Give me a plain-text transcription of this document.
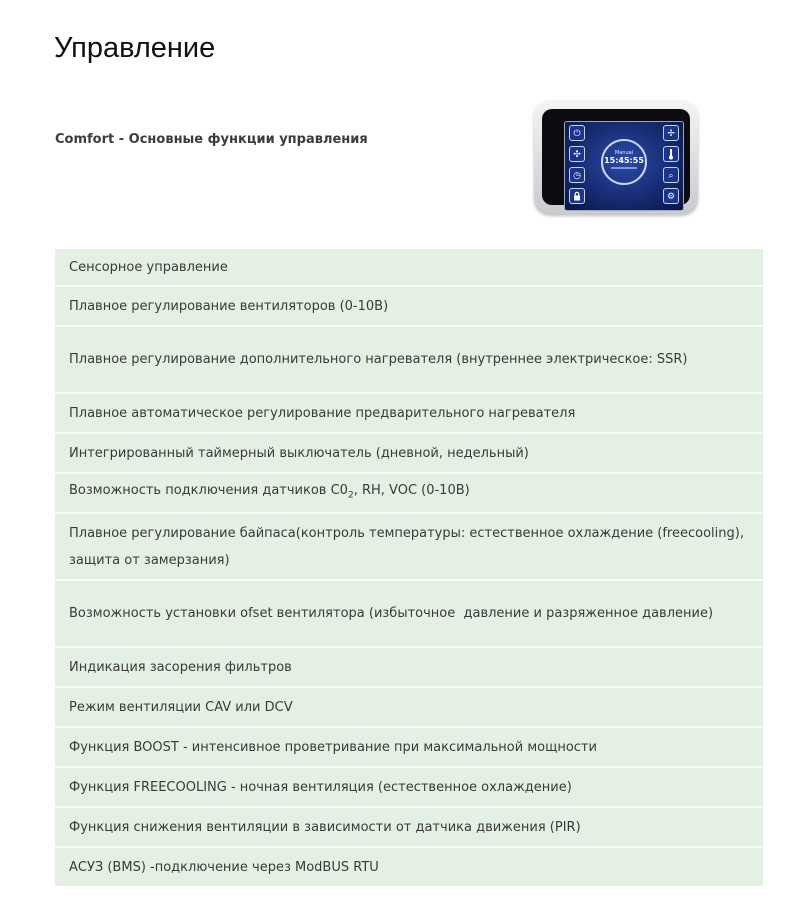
Управление
Comfort - Основные функции управления	⏻
✣
◷
Manual
15:45:55
✢
⌕
⚙
Сенсорное управление
Плавное регулирование вентиляторов (0-10В)
Плавное регулирование дополнительного нагревателя (внутреннее электрическое: SSR)
Плавное автоматическое регулирование предварительного нагревателя
Интегрированный таймерный выключатель (дневной, недельный)
Возможность подключения датчиков $С0_2$, RH, VOC (0-10В)
Плавное регулирование байпаса(контроль температуры: естественное охлаждение (freecooling), защита от замерзания)
Возможность установки ofset вентилятора (избыточное  давление и разряженное давление)
Индикация засорения фильтров
Режим вентиляции CAV или DCV
Функция BOOST - интенсивное проветривание при максимальной мощности
Функция FREECOOLING - ночная вентиляция (естественное охлаждение)
Функция снижения вентиляции в зависимости от датчика движения (PIR)
АСУЗ (BMS) -подключение через ModBUS RTU
